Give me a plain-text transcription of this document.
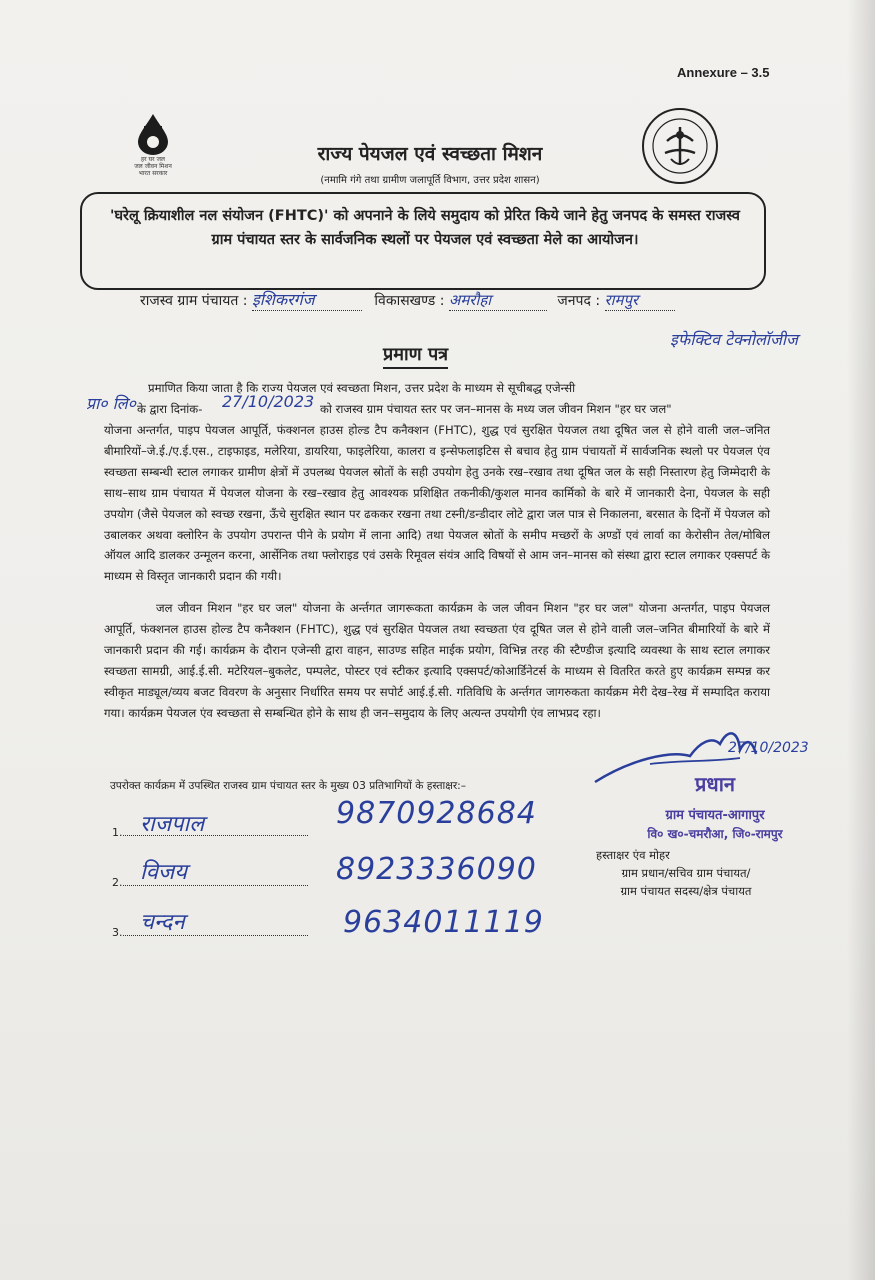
Annexure – 3.5
हर घर जल
जल जीवन मिशन
भारत सरकार
राज्य पेयजल एवं स्वच्छता मिशन
(नमामि गंगे तथा ग्रामीण जलापूर्ति विभाग, उत्तर प्रदेश शासन)
'घरेलू क्रियाशील नल संयोजन (FHTC)' को अपनाने के लिये समुदाय को प्रेरित किये जाने हेतु जनपद के समस्त राजस्व ग्राम पंचायत स्तर के सार्वजनिक स्थलों पर पेयजल एवं स्वच्छता मेले का आयोजन।
राजस्व ग्राम पंचायत : इशिकरगंज	विकासखण्ड : अमरौहा	जनपद : रामपुर
प्रमाण पत्र
इफेक्टिव टेक्नोलॉजीज
प्रमाणित किया जाता है कि राज्य पेयजल एवं स्वच्छता मिशन, उत्तर प्रदेश के माध्यम से सूचीबद्ध एजेन्सी
प्रा० लि० के द्वारा दिनांक-	27/10/2023 को राजस्व ग्राम पंचायत स्तर पर जन–मानस के मध्य जल जीवन मिशन "हर घर जल"
योजना अन्तर्गत, पाइप पेयजल आपूर्ति, फंक्शनल हाउस होल्ड टैप कनैक्शन (FHTC), शुद्ध एवं सुरक्षित पेयजल तथा दूषित जल से होने वाली जल–जनित बीमारियों–जे.ई./ए.ई.एस., टाइफाइड, मलेरिया, डायरिया, फाइलेरिया, कालरा व इन्सेफलाइटिस से बचाव हेतु ग्राम पंचायतों में सार्वजनिक स्थलो पर पेयजल एंव स्वच्छता सम्बन्धी स्टाल लगाकर ग्रामीण क्षेत्रों में उपलब्ध पेयजल स्रोतों के सही उपयोग हेतु उनके रख–रखाव तथा दूषित जल के सही निस्तारण हेतु जिम्मेदारी के साथ–साथ ग्राम पंचायत में पेयजल योजना के रख–रखाव हेतु आवश्यक प्रशिक्षित तकनीकी/कुशल मानव कार्मिको के बारे में जानकारी देना, पेयजल के सही उपयोग (जैसे पेयजल को स्वच्छ रखना, ऊँचे सुरक्षित स्थान पर ढककर रखना तथा टस्नी/डन्डीदार लोटे द्वारा जल पात्र से निकालना, बरसात के दिनों में पेयजल को उबालकर अथवा क्लोरिन के उपयोग उपरान्त पीने के प्रयोग में लाना आदि) तथा पेयजल स्रोतों के समीप मच्छरों के अण्डों एवं लार्वा का केरोसीन तेल/मोबिल ऑयल आदि डालकर उन्मूलन करना, आर्सेनिक तथा फ्लोराइड एवं उसके रिमूवल संयंत्र आदि विषयों से आम जन–मानस को संस्था द्वारा स्टाल लगाकर एक्सपर्ट के माध्यम से विस्तृत जानकारी प्रदान की गयी।
जल जीवन मिशन "हर घर जल" योजना के अर्न्तगत जागरूकता कार्यक्रम के जल जीवन मिशन "हर घर जल" योजना अन्तर्गत, पाइप पेयजल आपूर्ति, फंक्शनल हाउस होल्ड टैप कनैक्शन (FHTC), शुद्ध एवं सुरक्षित पेयजल तथा स्वच्छता एंव दूषित जल से होने वाली जल–जनित बीमारियों के बारे में जानकारी प्रदान की गई। कार्यक्रम के दौरान एजेन्सी द्वारा वाहन, साउण्ड सहित माईक प्रयोग, विभिन्न तरह की स्टैण्डीज इत्यादि व्यवस्था के साथ स्टाल लगाकर स्वच्छता सामग्री, आई.ई.सी. मटेरियल–बुकलेट, पम्पलेट, पोस्टर एवं स्टीकर इत्यादि एक्सपर्ट/कोआर्डिनेटर्स के माध्यम से वितरित करते हुए कार्यक्रम सम्पन्न कर स्वीकृत माड्यूल/व्यय बजट विवरण के अनुसार निर्धारित समय पर सपोर्ट आई.ई.सी. गतिविधि के अर्न्तगत जागरुकता कार्यक्रम मेरी देख–रेख में सम्पादित कराया गया। कार्यक्रम पेयजल एंव स्वच्छता से सम्बन्धित होने के साथ ही जन–समुदाय के लिए अत्यन्त उपयोगी एंव लाभप्रद रहा।
उपरोक्त कार्यक्रम में उपस्थित राजस्व ग्राम पंचायत स्तर के मुख्य 03 प्रतिभागियों के हस्ताक्षर:–
1. राजपाल	9870928684
2. विजय	8923336090
3. चन्दन	9634011119
27/10/2023
प्रधान
ग्राम पंचायत-आगापुर
वि० ख०-चमरौआ, जि०-रामपुर
हस्ताक्षर एंव मोहर
ग्राम प्रधान/सचिव ग्राम पंचायत/
ग्राम पंचायत सदस्य/क्षेत्र पंचायत
